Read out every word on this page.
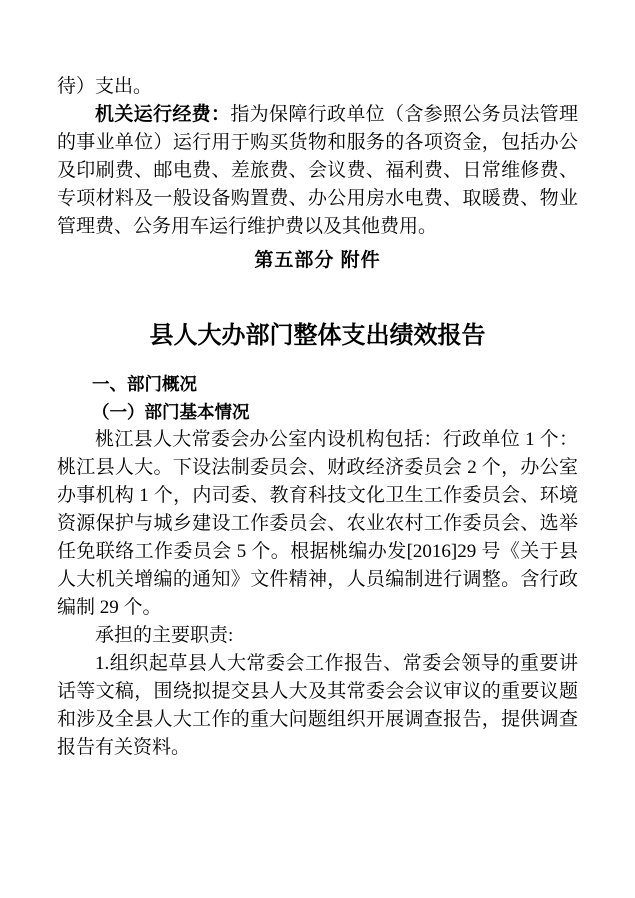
待）支出。

机关运行经费：指为保障行政单位（含参照公务员法管理的事业单位）运行用于购买货物和服务的各项资金，包括办公及印刷费、邮电费、差旅费、会议费、福利费、日常维修费、专项材料及一般设备购置费、办公用房水电费、取暖费、物业管理费、公务用车运行维护费以及其他费用。

第五部分 附件
县人大办部门整体支出绩效报告
一、部门概况
（一）部门基本情况

桃江县人大常委会办公室内设机构包括：行政单位 1 个：桃江县人大。下设法制委员会、财政经济委员会 2 个，办公室办事机构 1 个，内司委、教育科技文化卫生工作委员会、环境资源保护与城乡建设工作委员会、农业农村工作委员会、选举任免联络工作委员会 5 个。根据桃编办发[2016]29 号《关于县人大机关增编的通知》文件精神，人员编制进行调整。含行政编制 29 个。

承担的主要职责:

1.组织起草县人大常委会工作报告、常委会领导的重要讲话等文稿，围绕拟提交县人大及其常委会会议审议的重要议题和涉及全县人大工作的重大问题组织开展调查报告，提供调查报告有关资料。
